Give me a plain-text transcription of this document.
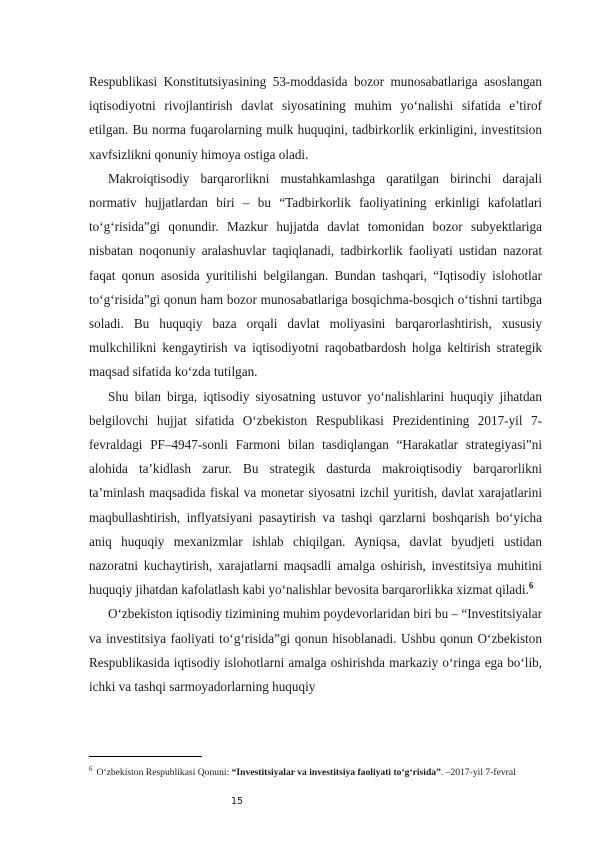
Respublikasi Konstitutsiyasining 53-moddasida bozor munosabatlariga asoslangan iqtisodiyotni rivojlantirish davlat siyosatining muhim yo‘nalishi sifatida e’tirof etilgan. Bu norma fuqarolarning mulk huquqini, tadbirkorlik erkinligini, investitsion xavfsizlikni qonuniy himoya ostiga oladi.

Makroiqtisodiy barqarorlikni mustahkamlashga qaratilgan birinchi darajali normativ hujjatlardan biri – bu “Tadbirkorlik faoliyatining erkinligi kafolatlari to‘g‘risida”gi qonundir. Mazkur hujjatda davlat tomonidan bozor subyektlariga nisbatan noqonuniy aralashuvlar taqiqlanadi, tadbirkorlik faoliyati ustidan nazorat faqat qonun asosida yuritilishi belgilangan. Bundan tashqari, “Iqtisodiy islohotlar to‘g‘risida”gi qonun ham bozor munosabatlariga bosqichma-bosqich o‘tishni tartibga soladi. Bu huquqiy baza orqali davlat moliyasini barqarorlashtirish, xususiy mulkchilikni kengaytirish va iqtisodiyotni raqobatbardosh holga keltirish strategik maqsad sifatida ko‘zda tutilgan.

Shu bilan birga, iqtisodiy siyosatning ustuvor yo‘nalishlarini huquqiy jihatdan belgilovchi hujjat sifatida O‘zbekiston Respublikasi Prezidentining 2017-yil 7-fevraldagi PF–4947-sonli Farmoni bilan tasdiqlangan “Harakatlar strategiyasi”ni alohida ta’kidlash zarur. Bu strategik dasturda makroiqtisodiy barqarorlikni ta’minlash maqsadida fiskal va monetar siyosatni izchil yuritish, davlat xarajatlarini maqbullashtirish, inflyatsiyani pasaytirish va tashqi qarzlarni boshqarish bo‘yicha aniq huquqiy mexanizmlar ishlab chiqilgan. Ayniqsa, davlat byudjeti ustidan nazoratni kuchaytirish, xarajatlarni maqsadli amalga oshirish, investitsiya muhitini huquqiy jihatdan kafolatlash kabi yo‘nalishlar bevosita barqarorlikka xizmat qiladi.$^6$

O‘zbekiston iqtisodiy tizimining muhim poydevorlaridan biri bu – “Investitsiyalar va investitsiya faoliyati to‘g‘risida”gi qonun hisoblanadi. Ushbu qonun O‘zbekiston Respublikasida iqtisodiy islohotlarni amalga oshirishda markaziy o‘ringa ega bo‘lib, ichki va tashqi sarmoyadorlarning huquqiy

$^6$ O‘zbekiston Respublikasi Qonuni: “Investitsiyalar va investitsiya faoliyati to‘g‘risida”. –2017-yil 7-fevral
15
